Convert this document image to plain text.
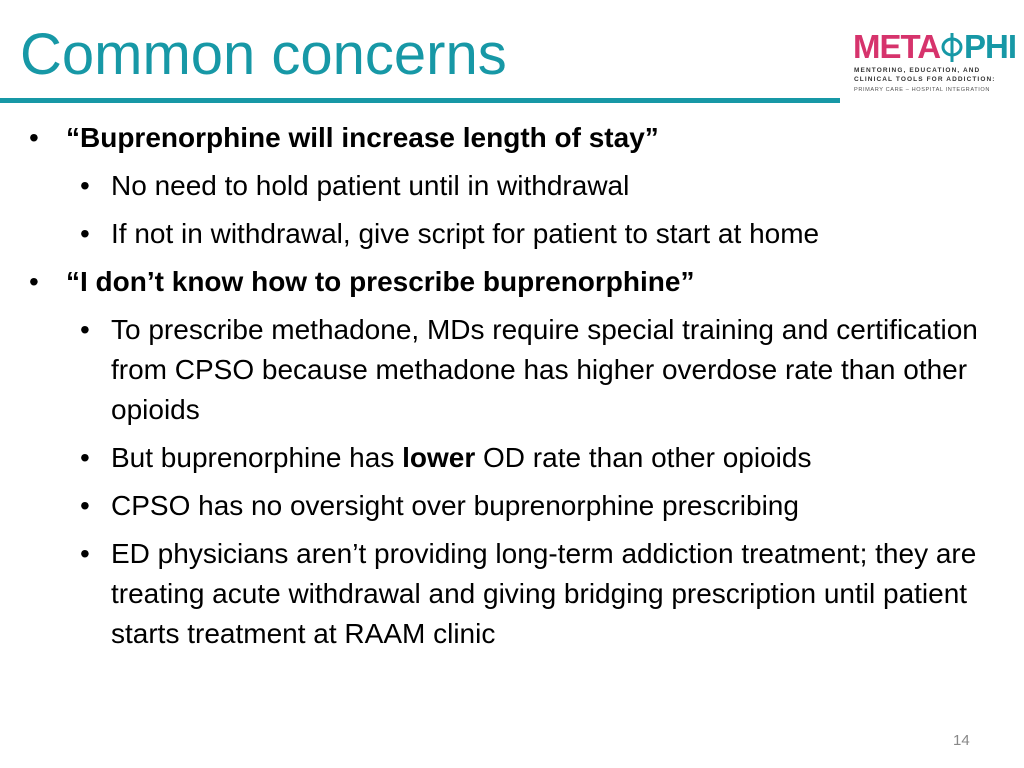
Common concerns	META PHI
MENTORING, EDUCATION, AND
CLINICAL TOOLS FOR ADDICTION:
PRIMARY CARE – HOSPITAL INTEGRATION
• “Buprenorphine will increase length of stay”
• No need to hold patient until in withdrawal
• If not in withdrawal, give script for patient to start at home
• “I don’t know how to prescribe buprenorphine”
• To prescribe methadone, MDs require special training and certification from CPSO because methadone has higher overdose rate than other opioids
• But buprenorphine has lower OD rate than other opioids
• CPSO has no oversight over buprenorphine prescribing
• ED physicians aren’t providing long-term addiction treatment; they are treating acute withdrawal and giving bridging prescription until patient starts treatment at RAAM clinic
14
